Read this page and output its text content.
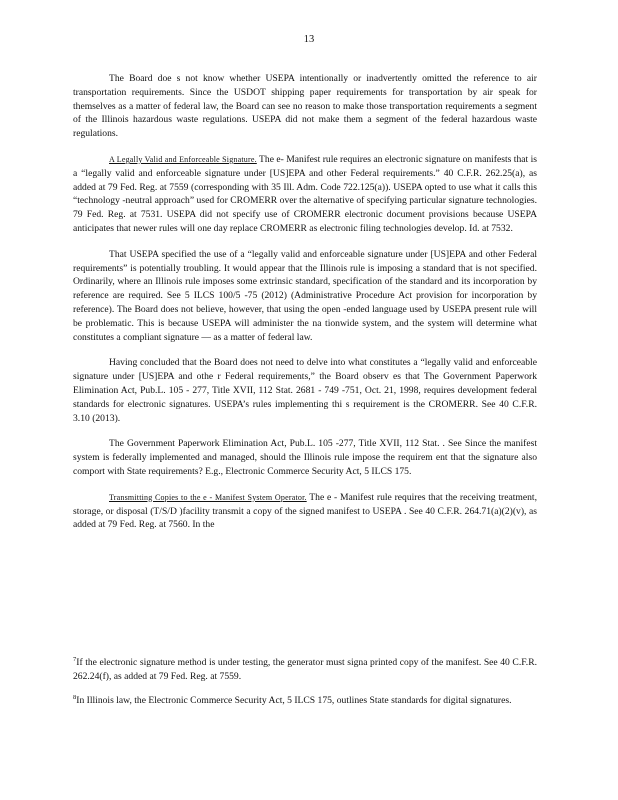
13

The Board doe s not know whether USEPA intentionally or inadvertently omitted the reference to air transportation requirements. Since the USDOT shipping paper requirements for transportation by air speak for themselves as a matter of federal law, the Board can see no reason to make those transportation requirements a segment of the Illinois hazardous waste regulations. USEPA did not make them a segment of the federal hazardous waste regulations.

A Legally Valid and Enforceable Signature. The e- Manifest rule requires an electronic signature on manifests that is a “legally valid and enforceable signature under [US]EPA and other Federal requirements.” 40 C.F.R. 262.25(a), as added at 79 Fed. Reg. at 7559 (corresponding with 35 Ill. Adm. Code 722.125(a)). USEPA opted to use what it calls this “technology -neutral approach” used for CROMERR over the alternative of specifying particular signature technologies. 79 Fed. Reg. at 7531. USEPA did not specify use of CROMERR electronic document provisions because USEPA anticipates that newer rules will one day replace CROMERR as electronic filing technologies develop. Id. at 7532.

That USEPA specified the use of a “legally valid and enforceable signature under [US]EPA and other Federal requirements” is potentially troubling. It would appear that the Illinois rule is imposing a standard that is not specified. Ordinarily, where an Illinois rule imposes some extrinsic standard, specification of the standard and its incorporation by reference are required. See 5 ILCS 100/5 -75 (2012) (Administrative Procedure Act provision for incorporation by reference). The Board does not believe, however, that using the open -ended language used by USEPA present rule will be problematic. This is because USEPA will administer the na tionwide system, and the system will determine what constitutes a compliant signature — as a matter of federal law.

Having concluded that the Board does not need to delve into what constitutes a “legally valid and enforceable signature under [US]EPA and othe r Federal requirements,” the Board observ es that The Government Paperwork Elimination Act, Pub.L. 105 - 277, Title XVII, 112 Stat. 2681 - 749 -751, Oct. 21, 1998, requires development federal standards for electronic signatures. USEPA’s rules implementing thi s requirement is the CROMERR. See 40 C.F.R. 3.10 (2013).

The Government Paperwork Elimination Act, Pub.L. 105 -277, Title XVII, 112 Stat. . See Since the manifest system is federally implemented and managed, should the Illinois rule impose the requirem ent that the signature also comport with State requirements? E.g., Electronic Commerce Security Act, 5 ILCS 175.

Transmitting Copies to the e - Manifest System Operator. The e - Manifest rule requires that the receiving treatment, storage, or disposal (T/S/D )facility transmit a copy of the signed manifest to USEPA . See 40 C.F.R. 264.71(a)(2)(v), as added at 79 Fed. Reg. at 7560. In the

$^7$If the electronic signature method is under testing, the generator must signa printed copy of the manifest. See 40 C.F.R. 262.24(f), as added at 79 Fed. Reg. at 7559.

$^8$In Illinois law, the Electronic Commerce Security Act, 5 ILCS 175, outlines State standards for digital signatures.
